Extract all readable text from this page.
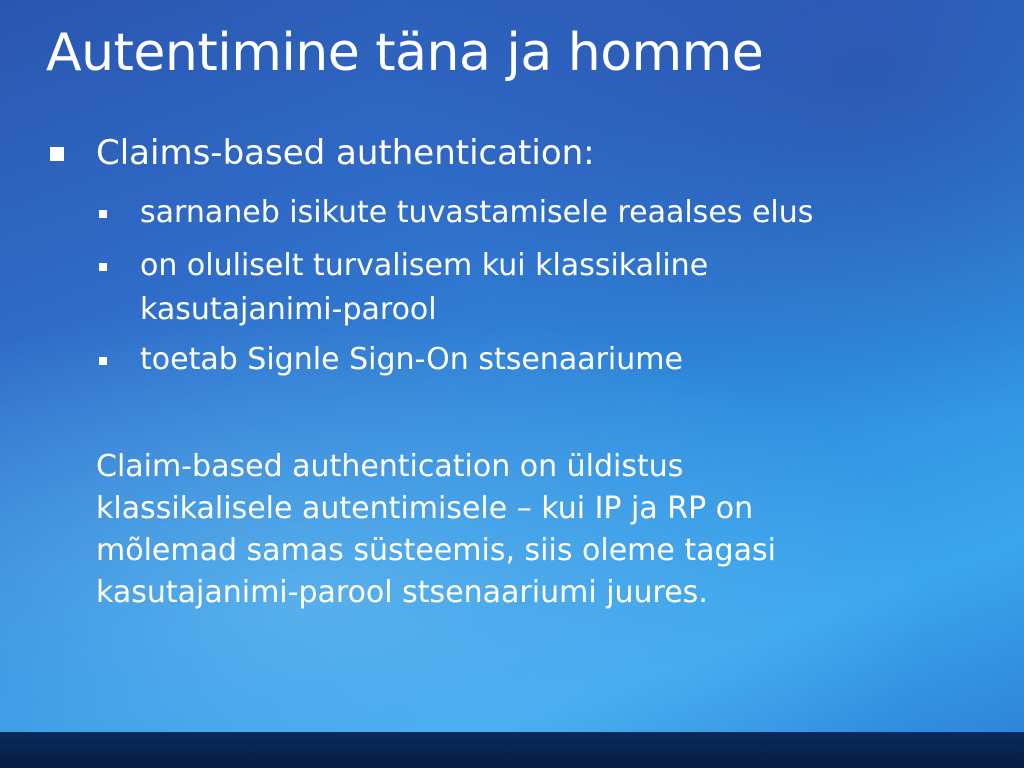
Autentimine täna ja homme
Claims-based authentication:
sarnaneb isikute tuvastamisele reaalses elus
on oluliselt turvalisem kui klassikaline
kasutajanimi-parool
toetab Signle Sign-On stsenaariume
Claim-based authentication on üldistus
klassikalisele autentimisele – kui IP ja RP on
mõlemad samas süsteemis, siis oleme tagasi
kasutajanimi-parool stsenaariumi juures.
